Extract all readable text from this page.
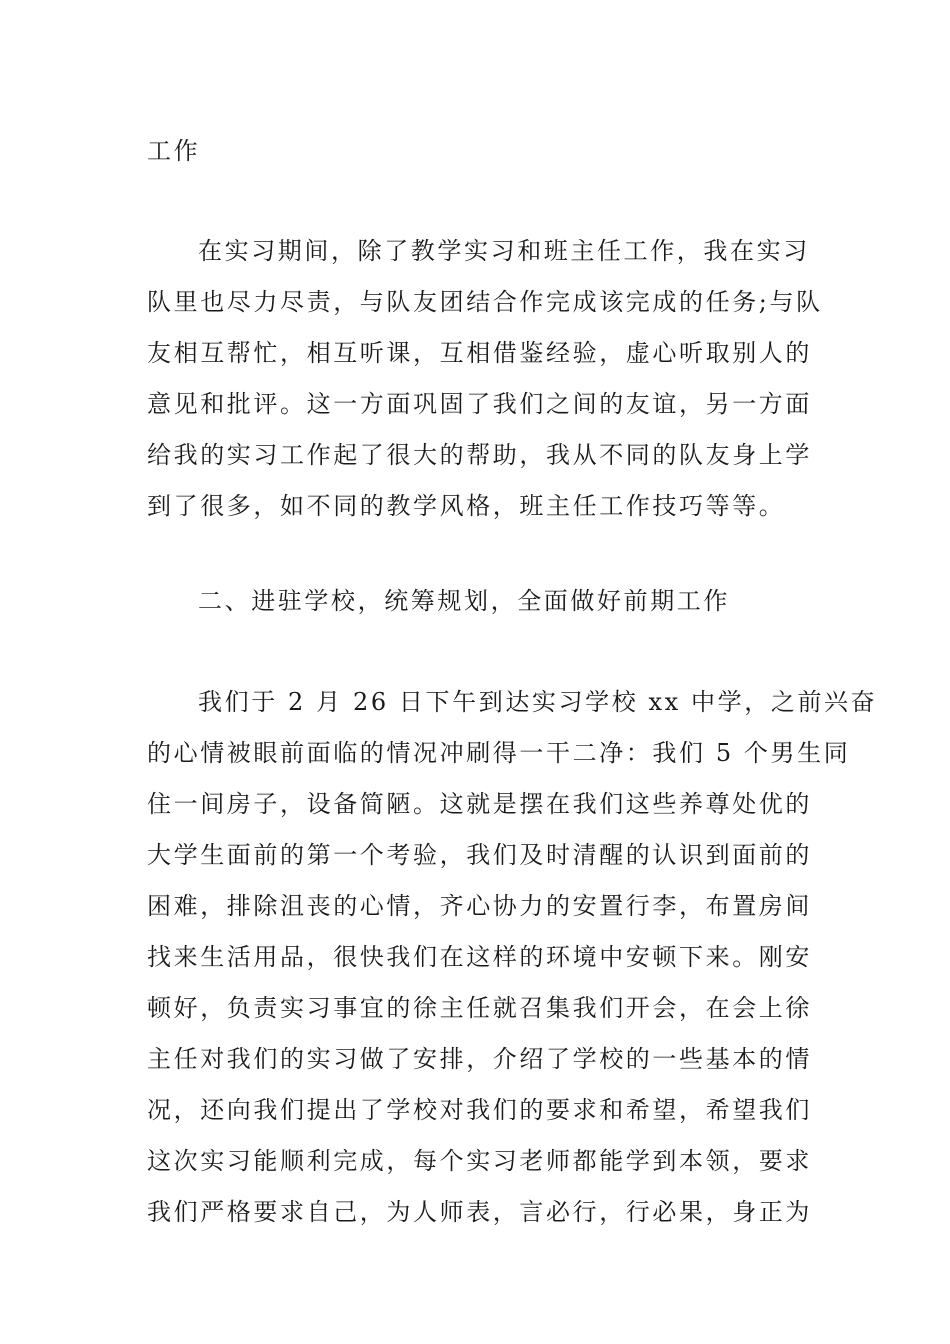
工作
在实习期间，除了教学实习和班主任工作，我在实习
队里也尽力尽责，与队友团结合作完成该完成的任务;与队
友相互帮忙，相互听课，互相借鉴经验，虚心听取别人的
意见和批评。这一方面巩固了我们之间的友谊，另一方面
给我的实习工作起了很大的帮助，我从不同的队友身上学
到了很多，如不同的教学风格，班主任工作技巧等等。
二、进驻学校，统筹规划，全面做好前期工作
我们于 2 月 26 日下午到达实习学校 xx 中学，之前兴奋
的心情被眼前面临的情况冲刷得一干二净：我们 5 个男生同
住一间房子，设备简陋。这就是摆在我们这些养尊处优的
大学生面前的第一个考验，我们及时清醒的认识到面前的
困难，排除沮丧的心情，齐心协力的安置行李，布置房间
找来生活用品，很快我们在这样的环境中安顿下来。刚安
顿好，负责实习事宜的徐主任就召集我们开会，在会上徐
主任对我们的实习做了安排，介绍了学校的一些基本的情
况，还向我们提出了学校对我们的要求和希望，希望我们
这次实习能顺利完成，每个实习老师都能学到本领，要求
我们严格要求自己，为人师表，言必行，行必果，身正为
